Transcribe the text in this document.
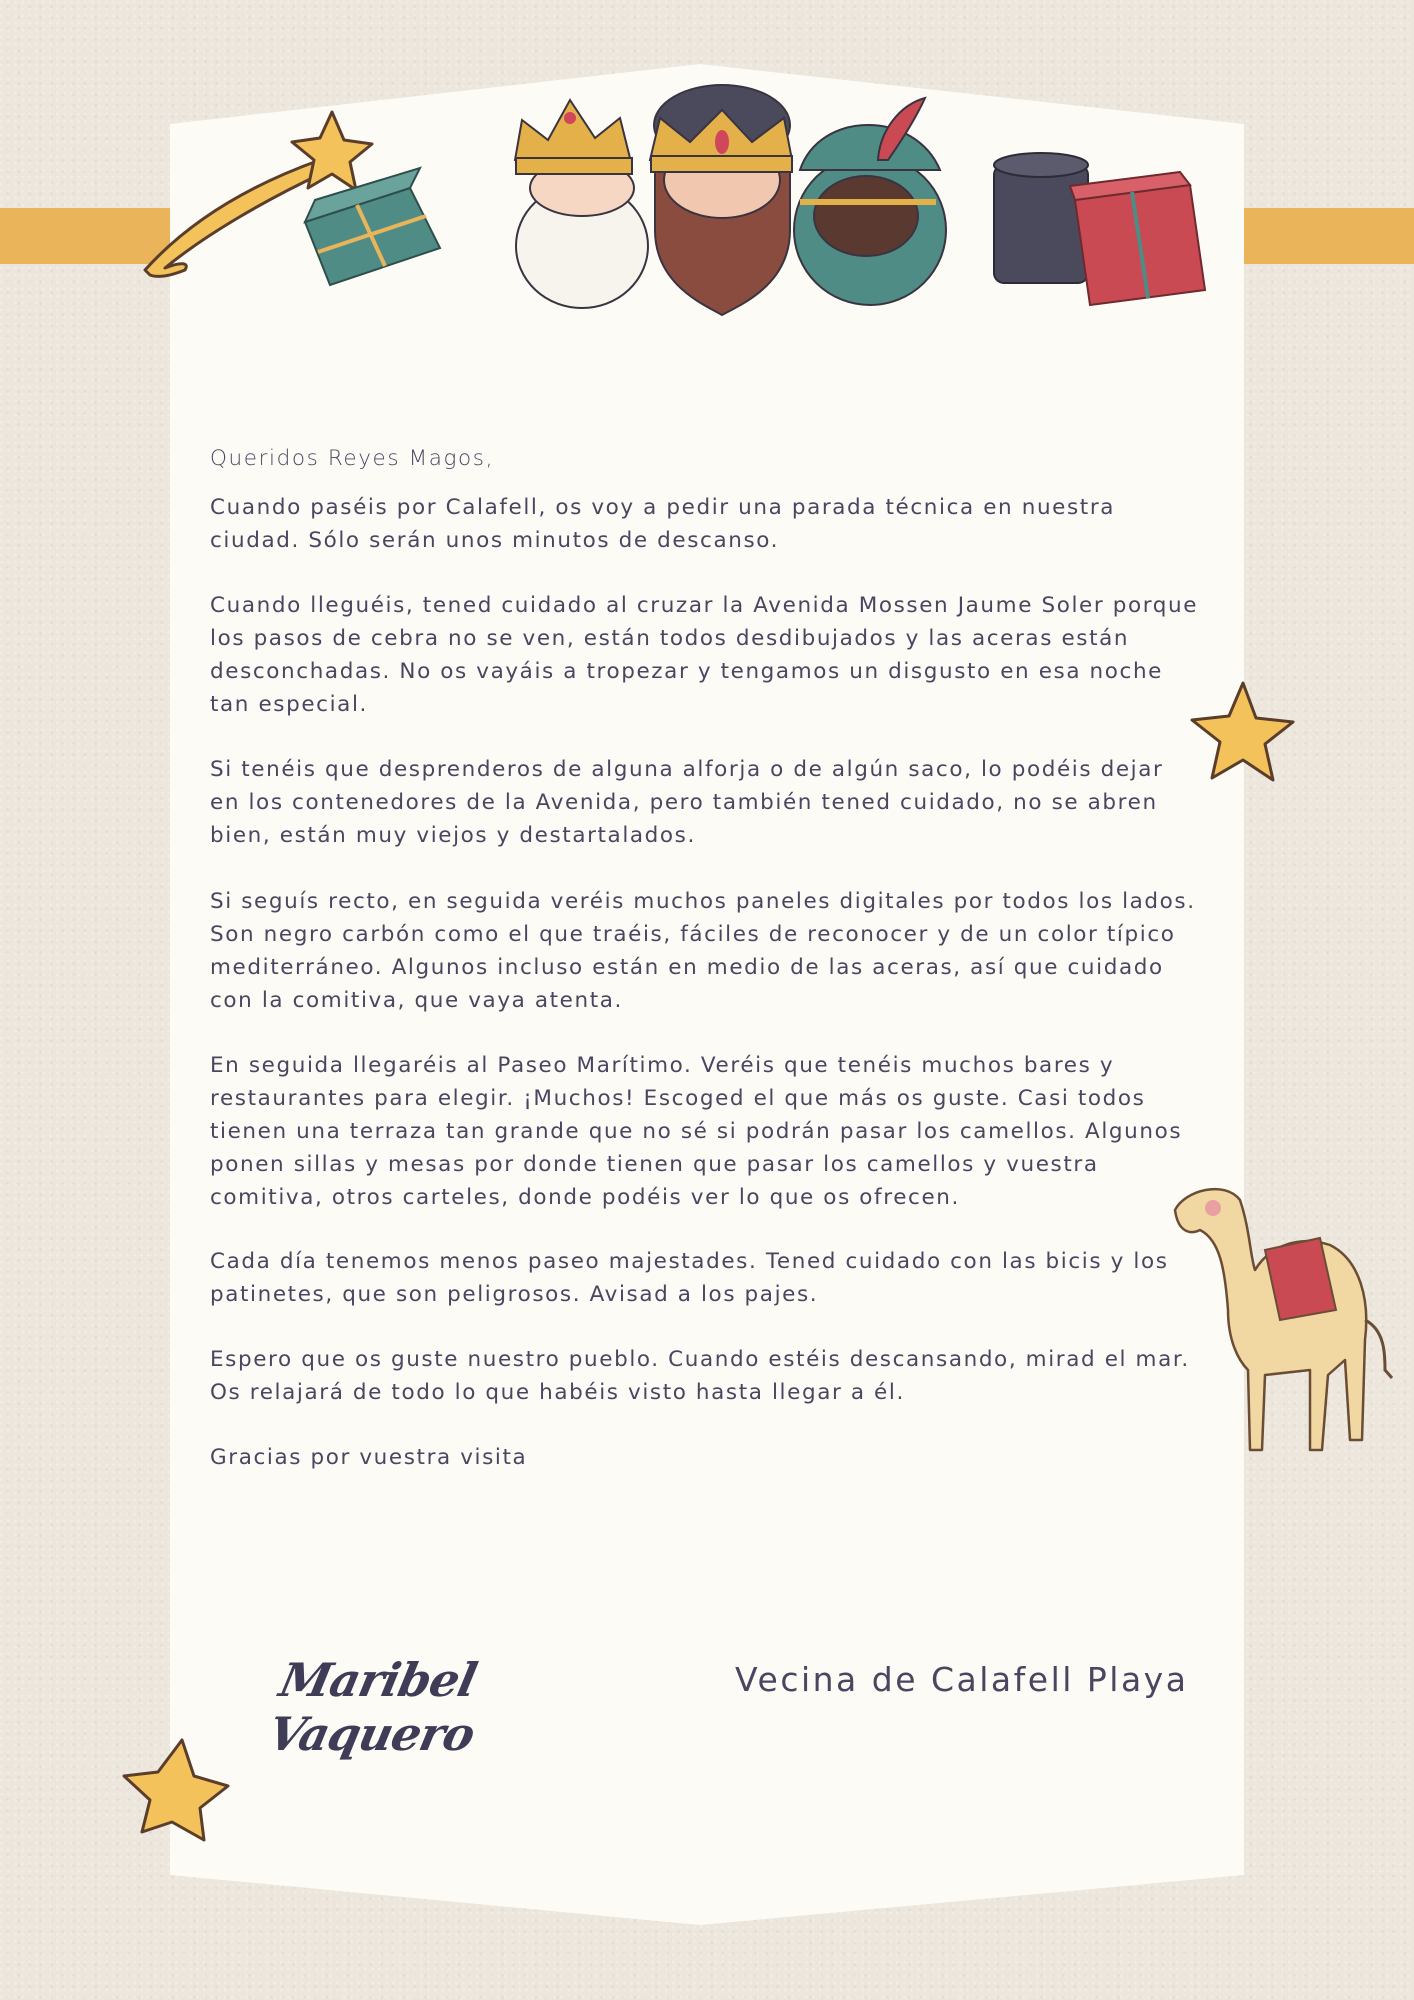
Queridos Reyes Magos,

Cuando paséis por Calafell, os voy a pedir una parada técnica en nuestra ciudad. Sólo serán unos minutos de descanso.

Cuando lleguéis, tened cuidado al cruzar la Avenida Mossen Jaume Soler porque los pasos de cebra no se ven, están todos desdibujados y las aceras están desconchadas. No os vayáis a tropezar y tengamos un disgusto en esa noche tan especial.

Si tenéis que desprenderos de alguna alforja o de algún saco, lo podéis dejar en los contenedores de la Avenida, pero también tened cuidado, no se abren bien, están muy viejos y destartalados.

Si seguís recto, en seguida veréis muchos paneles digitales por todos los lados. Son negro carbón como el que traéis, fáciles de reconocer y de un color típico mediterráneo. Algunos incluso están en medio de las aceras, así que cuidado con la comitiva, que vaya atenta.

En seguida llegaréis al Paseo Marítimo. Veréis que tenéis muchos bares y restaurantes para elegir. ¡Muchos! Escoged el que más os guste. Casi todos tienen una terraza tan grande que no sé si podrán pasar los camellos. Algunos ponen sillas y mesas por donde tienen que pasar los camellos y vuestra comitiva, otros carteles, donde podéis ver lo que os ofrecen.

Cada día tenemos menos paseo majestades. Tened cuidado con las bicis y los patinetes, que son peligrosos. Avisad a los pajes.

Espero que os guste nuestro pueblo. Cuando estéis descansando, mirad el mar. Os relajará de todo lo que habéis visto hasta llegar a él.

Gracias por vuestra visita

Maribel Vaquero
Vecina de Calafell Playa
